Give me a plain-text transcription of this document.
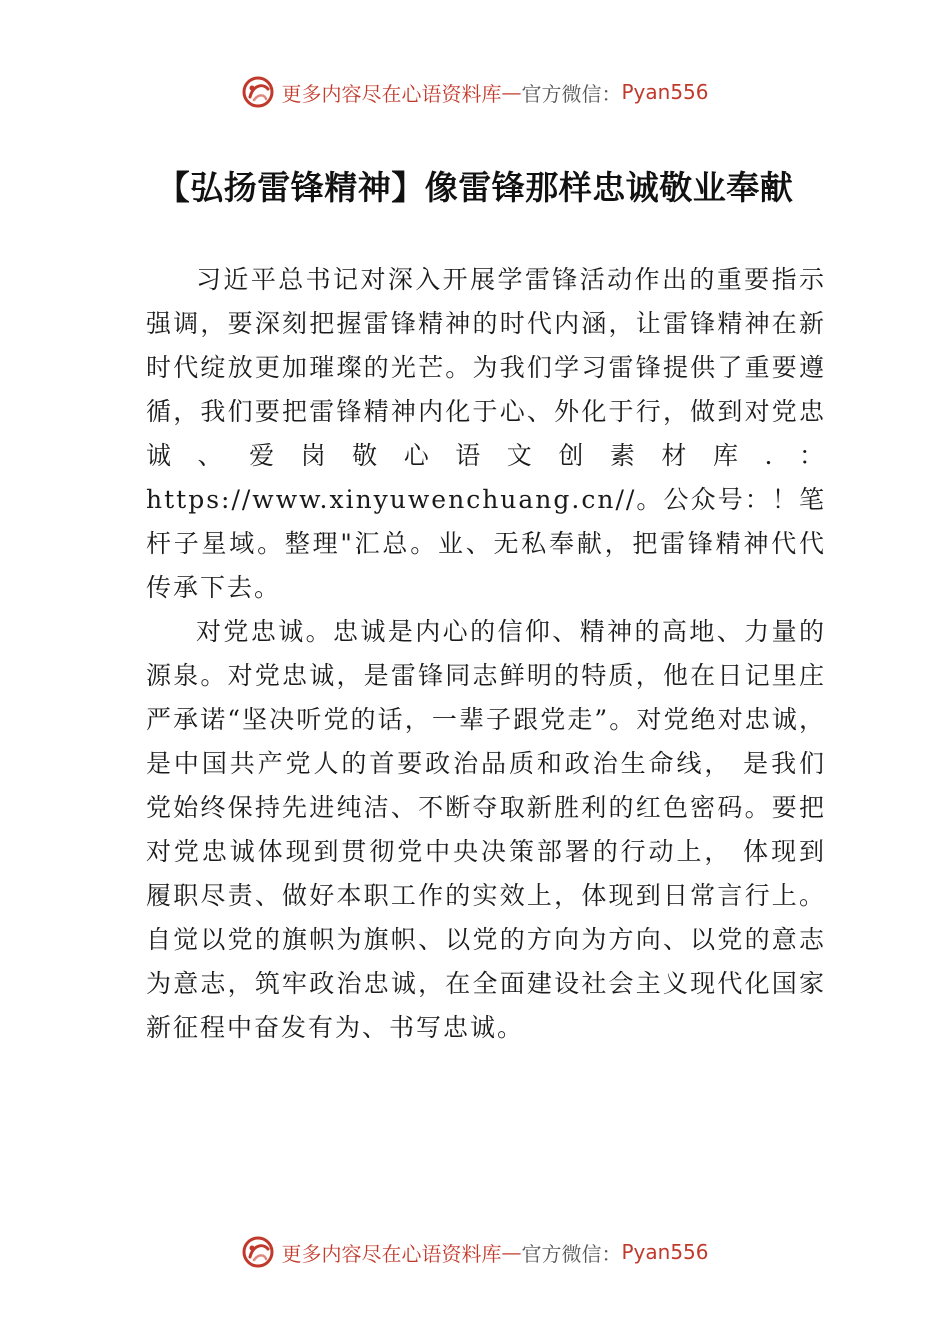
更多内容尽在心语资料库 — 官方微信： Pyan556
【弘扬雷锋精神】像雷锋那样忠诚敬业奉献

习近平总书记对深入开展学雷锋活动作出的重要指示强调，要深刻把握雷锋精神的时代内涵，让雷锋精神在新时代绽放更加璀璨的光芒。为我们学习雷锋提供了重要遵循，我们要把雷锋精神内化于心、外化于行，做到对党忠诚、爱岗敬心语文创素材库.：https://www.xinyuwenchuang.cn//。公众号：！笔杆子星域。整理"汇总。业、无私奉献，把雷锋精神代代传承下去。

对党忠诚。忠诚是内心的信仰、精神的高地、力量的源泉。对党忠诚，是雷锋同志鲜明的特质，他在日记里庄严承诺“坚决听党的话，一辈子跟党走”。对党绝对忠诚，是中国共产党人的首要政治品质和政治生命线， 是我们党始终保持先进纯洁、不断夺取新胜利的红色密码。要把对党忠诚体现到贯彻党中央决策部署的行动上， 体现到履职尽责、做好本职工作的实效上，体现到日常言行上。自觉以党的旗帜为旗帜、以党的方向为方向、以党的意志为意志，筑牢政治忠诚，在全面建设社会主义现代化国家新征程中奋发有为、书写忠诚。

更多内容尽在心语资料库 — 官方微信： Pyan556
